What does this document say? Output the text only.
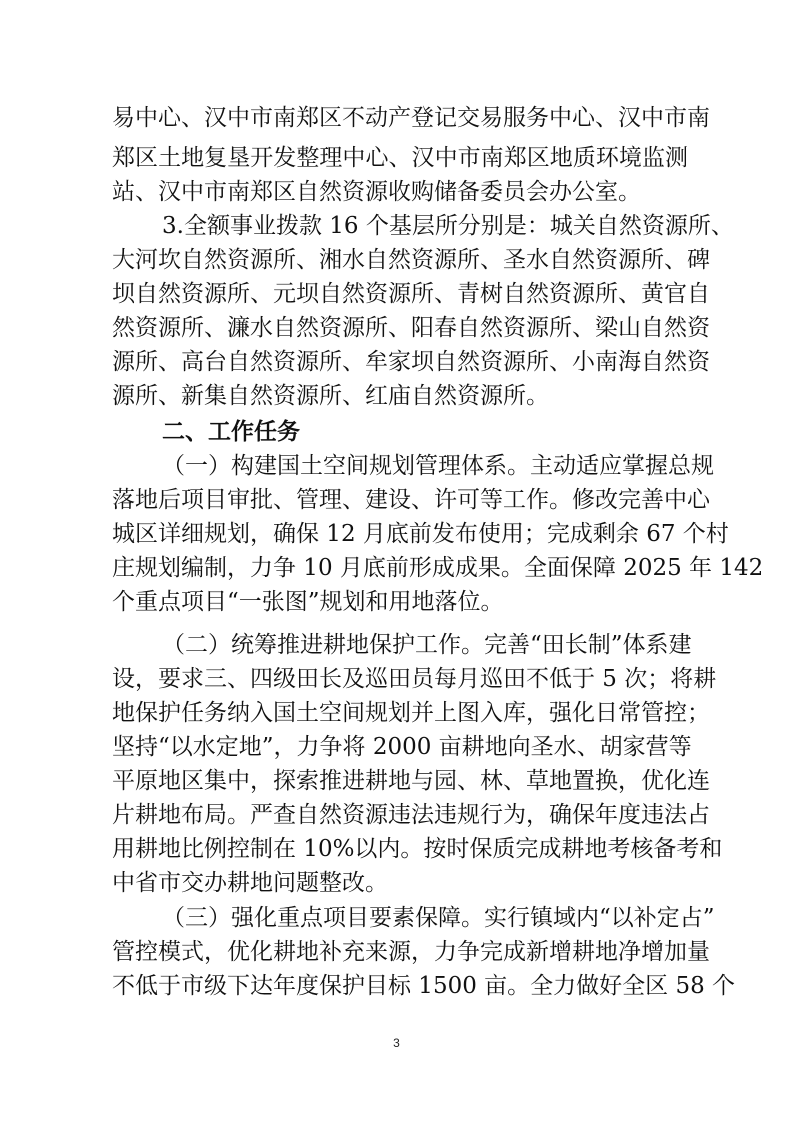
易中心、汉中市南郑区不动产登记交易服务中心、汉中市南
郑区土地复垦开发整理中心、汉中市南郑区地质环境监测
站、汉中市南郑区自然资源收购储备委员会办公室。
3.全额事业拨款 16 个基层所分别是：城关自然资源所、
大河坎自然资源所、湘水自然资源所、圣水自然资源所、碑
坝自然资源所、元坝自然资源所、青树自然资源所、黄官自
然资源所、濂水自然资源所、阳春自然资源所、梁山自然资
源所、高台自然资源所、牟家坝自然资源所、小南海自然资
源所、新集自然资源所、红庙自然资源所。
二、工作任务
（一）构建国土空间规划管理体系。主动适应掌握总规
落地后项目审批、管理、建设、许可等工作。修改完善中心
城区详细规划，确保 12 月底前发布使用；完成剩余 67 个村
庄规划编制，力争 10 月底前形成成果。全面保障 2025 年 142
个重点项目“一张图”规划和用地落位。
（二）统筹推进耕地保护工作。完善“田长制”体系建
设，要求三、四级田长及巡田员每月巡田不低于 5 次；将耕
地保护任务纳入国土空间规划并上图入库，强化日常管控；
坚持“以水定地”，力争将 2000 亩耕地向圣水、胡家营等
平原地区集中，探索推进耕地与园、林、草地置换，优化连
片耕地布局。严查自然资源违法违规行为，确保年度违法占
用耕地比例控制在 10%以内。按时保质完成耕地考核备考和
中省市交办耕地问题整改。
（三）强化重点项目要素保障。实行镇域内“以补定占”
管控模式，优化耕地补充来源，力争完成新增耕地净增加量
不低于市级下达年度保护目标 1500 亩。全力做好全区 58 个
3
